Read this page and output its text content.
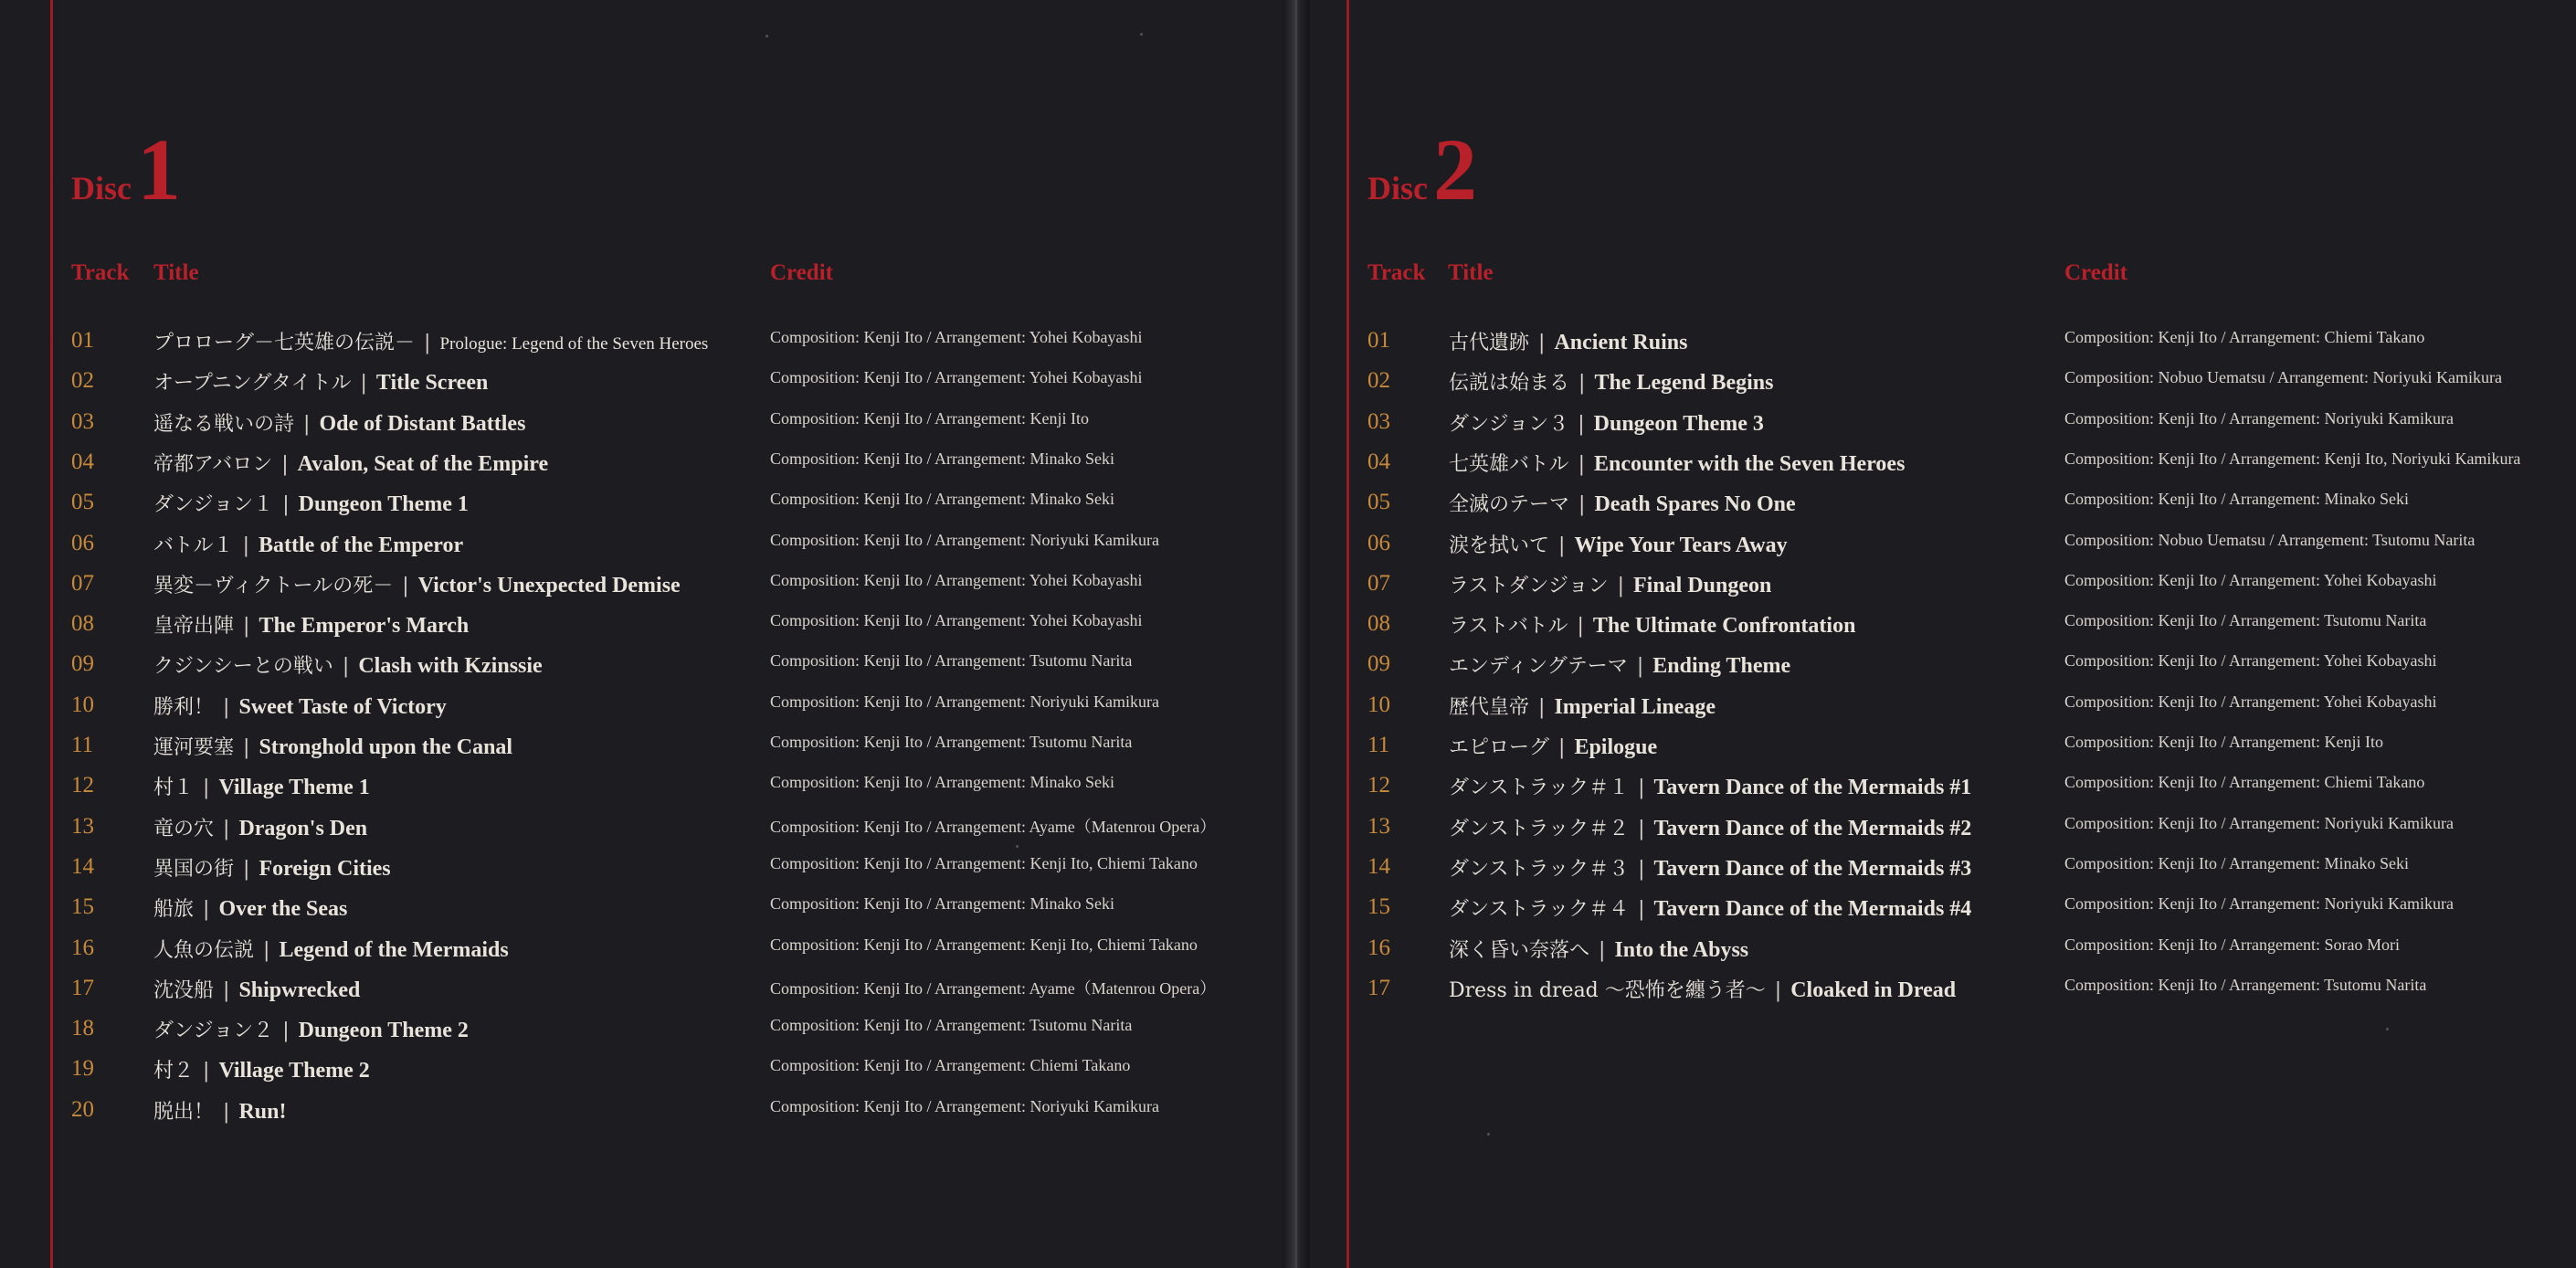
Disc1
Track Title	Credit
01	プロローグ－七英雄の伝説－ | Prologue: Legend of the Seven Heroes	Composition: Kenji Ito / Arrangement: Yohei Kobayashi
02	オープニングタイトル | Title Screen	Composition: Kenji Ito / Arrangement: Yohei Kobayashi
03	遥なる戦いの詩 | Ode of Distant Battles	Composition: Kenji Ito / Arrangement: Kenji Ito
04	帝都アバロン | Avalon, Seat of the Empire	Composition: Kenji Ito / Arrangement: Minako Seki
05	ダンジョン１ | Dungeon Theme 1	Composition: Kenji Ito / Arrangement: Minako Seki
06	バトル１ | Battle of the Emperor	Composition: Kenji Ito / Arrangement: Noriyuki Kamikura
07	異変－ヴィクトールの死－ | Victor's Unexpected Demise	Composition: Kenji Ito / Arrangement: Yohei Kobayashi
08	皇帝出陣 | The Emperor's March	Composition: Kenji Ito / Arrangement: Yohei Kobayashi
09	クジンシーとの戦い | Clash with Kzinssie	Composition: Kenji Ito / Arrangement: Tsutomu Narita
10	勝利！ | Sweet Taste of Victory	Composition: Kenji Ito / Arrangement: Noriyuki Kamikura
11	運河要塞 | Stronghold upon the Canal	Composition: Kenji Ito / Arrangement: Tsutomu Narita
12	村１ | Village Theme 1	Composition: Kenji Ito / Arrangement: Minako Seki
13	竜の穴 | Dragon's Den	Composition: Kenji Ito / Arrangement: Ayame（Matenrou Opera）
14	異国の街 | Foreign Cities	Composition: Kenji Ito / Arrangement: Kenji Ito, Chiemi Takano
15	船旅 | Over the Seas	Composition: Kenji Ito / Arrangement: Minako Seki
16	人魚の伝説 | Legend of the Mermaids	Composition: Kenji Ito / Arrangement: Kenji Ito, Chiemi Takano
17	沈没船 | Shipwrecked	Composition: Kenji Ito / Arrangement: Ayame（Matenrou Opera）
18	ダンジョン２ | Dungeon Theme 2	Composition: Kenji Ito / Arrangement: Tsutomu Narita
19	村２ | Village Theme 2	Composition: Kenji Ito / Arrangement: Chiemi Takano
20	脱出！ | Run!	Composition: Kenji Ito / Arrangement: Noriyuki Kamikura
Disc2
Track Title	Credit
01	古代遺跡 | Ancient Ruins	Composition: Kenji Ito / Arrangement: Chiemi Takano
02	伝説は始まる | The Legend Begins	Composition: Nobuo Uematsu / Arrangement: Noriyuki Kamikura
03	ダンジョン３ | Dungeon Theme 3	Composition: Kenji Ito / Arrangement: Noriyuki Kamikura
04	七英雄バトル | Encounter with the Seven Heroes	Composition: Kenji Ito / Arrangement: Kenji Ito, Noriyuki Kamikura
05	全滅のテーマ | Death Spares No One	Composition: Kenji Ito / Arrangement: Minako Seki
06	涙を拭いて | Wipe Your Tears Away	Composition: Nobuo Uematsu / Arrangement: Tsutomu Narita
07	ラストダンジョン | Final Dungeon	Composition: Kenji Ito / Arrangement: Yohei Kobayashi
08	ラストバトル | The Ultimate Confrontation	Composition: Kenji Ito / Arrangement: Tsutomu Narita
09	エンディングテーマ | Ending Theme	Composition: Kenji Ito / Arrangement: Yohei Kobayashi
10	歴代皇帝 | Imperial Lineage	Composition: Kenji Ito / Arrangement: Yohei Kobayashi
11	エピローグ | Epilogue	Composition: Kenji Ito / Arrangement: Kenji Ito
12	ダンストラック＃１ | Tavern Dance of the Mermaids #1	Composition: Kenji Ito / Arrangement: Chiemi Takano
13	ダンストラック＃２ | Tavern Dance of the Mermaids #2	Composition: Kenji Ito / Arrangement: Noriyuki Kamikura
14	ダンストラック＃３ | Tavern Dance of the Mermaids #3	Composition: Kenji Ito / Arrangement: Minako Seki
15	ダンストラック＃４ | Tavern Dance of the Mermaids #4	Composition: Kenji Ito / Arrangement: Noriyuki Kamikura
16	深く昏い奈落へ | Into the Abyss	Composition: Kenji Ito / Arrangement: Sorao Mori
17	Dress in dread ～恐怖を纏う者～ | Cloaked in Dread	Composition: Kenji Ito / Arrangement: Tsutomu Narita
